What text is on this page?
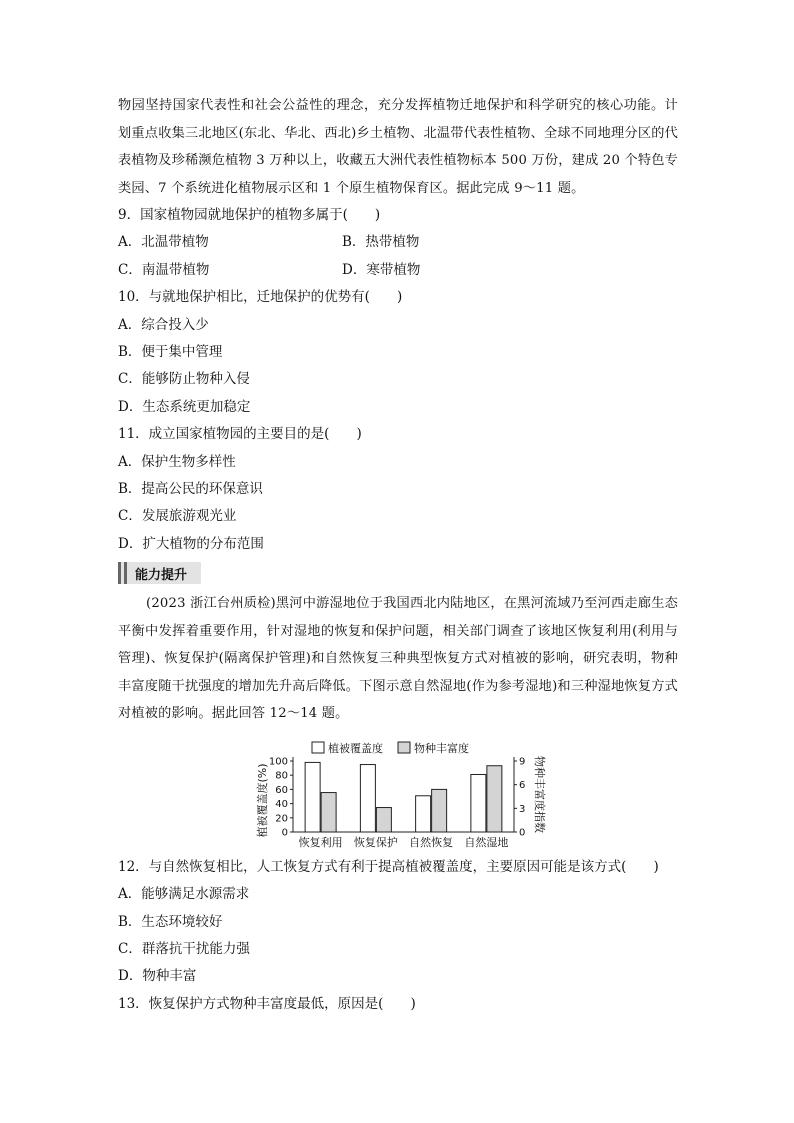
物园坚持国家代表性和社会公益性的理念，充分发挥植物迁地保护和科学研究的核心功能。计划重点收集三北地区(东北、华北、西北)乡土植物、北温带代表性植物、全球不同地理分区的代表植物及珍稀濒危植物 3 万种以上，收藏五大洲代表性植物标本 500 万份，建成 20 个特色专类园、7 个系统进化植物展示区和 1 个原生植物保育区。据此完成 9～11 题。

9．国家植物园就地保护的植物多属于(　　)

A．北温带植物	B．热带植物

C．南温带植物	D．寒带植物

10．与就地保护相比，迁地保护的优势有(　　)

A．综合投入少

B．便于集中管理

C．能够防止物种入侵

D．生态系统更加稳定

11．成立国家植物园的主要目的是(　　)

A．保护生物多样性

B．提高公民的环保意识

C．发展旅游观光业

D．扩大植物的分布范围

能力提升

(2023 浙江台州质检)黑河中游湿地位于我国西北内陆地区，在黑河流域乃至河西走廊生态平衡中发挥着重要作用，针对湿地的恢复和保护问题，相关部门调查了该地区恢复利用(利用与管理)、恢复保护(隔离保护管理)和自然恢复三种典型恢复方式对植被的影响，研究表明，物种丰富度随干扰强度的增加先升高后降低。下图示意自然湿地(作为参考湿地)和三种湿地恢复方式对植被的影响。据此回答 12～14 题。

0
20
40
60
80
100
0
3
6
9
植被覆盖度(%)	物种丰富度指数
恢复利用 恢复保护 自然恢复 自然湿地
植被覆盖度	物种丰富度

12．与自然恢复相比，人工恢复方式有利于提高植被覆盖度，主要原因可能是该方式(　　)

A．能够满足水源需求

B．生态环境较好

C．群落抗干扰能力强

D．物种丰富

13．恢复保护方式物种丰富度最低，原因是(　　)
